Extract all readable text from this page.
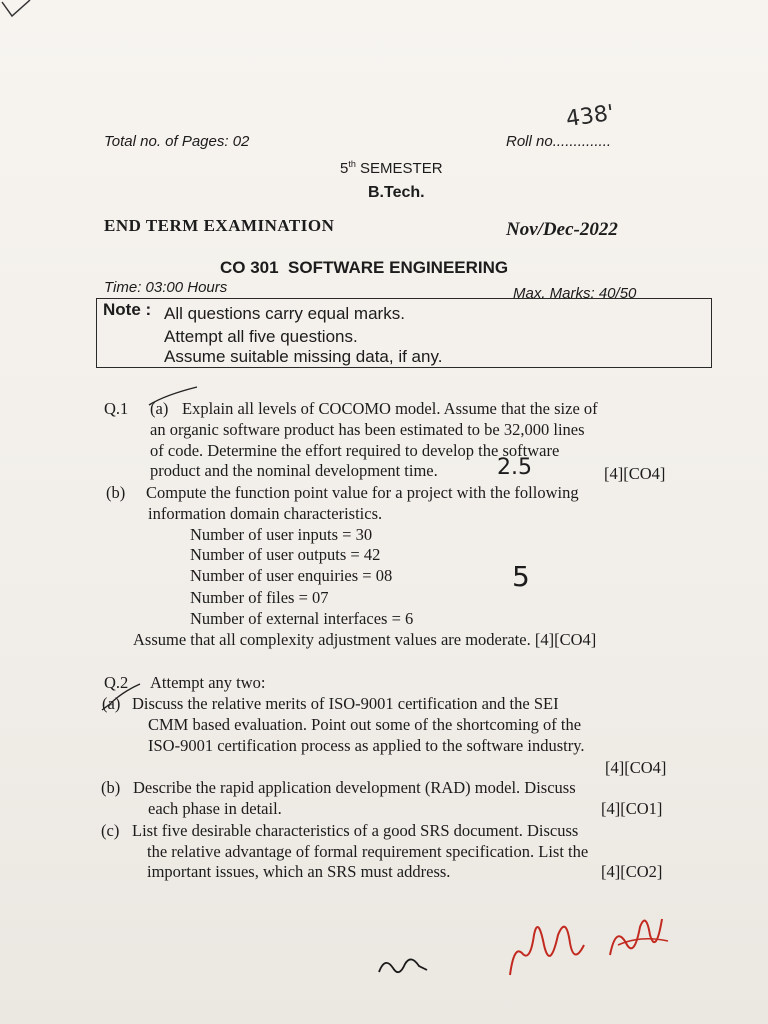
Total no. of Pages: 02	Roll no..............
438'
5th SEMESTER
B.Tech.
END TERM EXAMINATION	Nov/Dec-2022
CO 301 SOFTWARE ENGINEERING
Time: 03:00 Hours	Max. Marks: 40/50
Note : All questions carry equal marks.
Attempt all five questions.
Assume suitable missing data, if any.
Q.1 (a) Explain all levels of COCOMO model. Assume that the size of
an organic software product has been estimated to be 32,000 lines
of code. Determine the effort required to develop the software
product and the nominal development time.	[4][CO4]
2.5
(b) Compute the function point value for a project with the following
information domain characteristics.
Number of user inputs = 30
Number of user outputs = 42
Number of user enquiries = 08
Number of files = 07
Number of external interfaces = 6
Assume that all complexity adjustment values are moderate. [4][CO4]
5
Q.2 Attempt any two:
(a) Discuss the relative merits of ISO-9001 certification and the SEI
CMM based evaluation. Point out some of the shortcoming of the
ISO-9001 certification process as applied to the software industry.
[4][CO4]
(b) Describe the rapid application development (RAD) model. Discuss
each phase in detail.	[4][CO1]
(c) List five desirable characteristics of a good SRS document. Discuss
the relative advantage of formal requirement specification. List the
important issues, which an SRS must address.	[4][CO2]
